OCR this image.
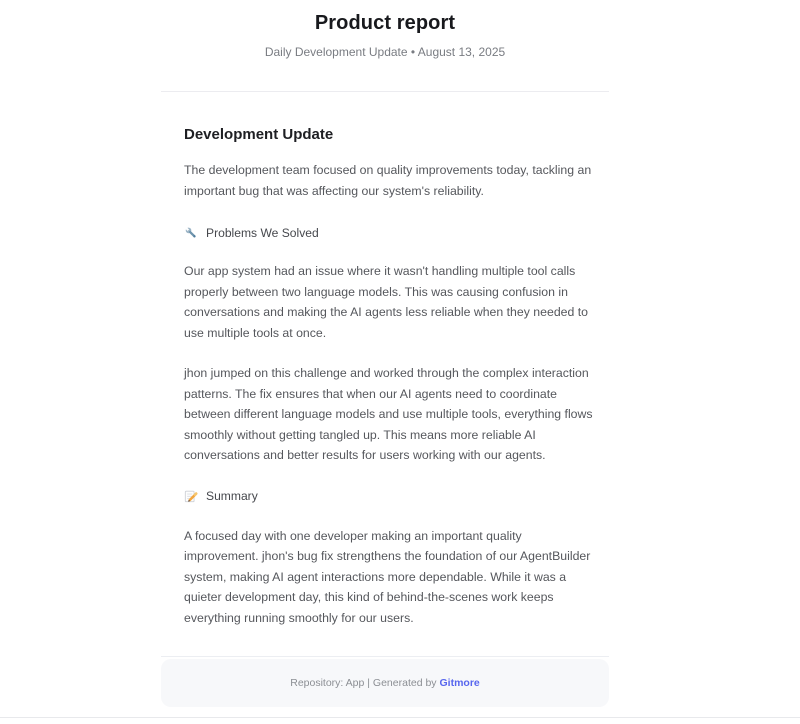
Product report
Daily Development Update • August 13, 2025
Development Update

The development team focused on quality improvements today, tackling an important bug that was affecting our system's reliability.

Problems We Solved

Our app system had an issue where it wasn't handling multiple tool calls properly between two language models. This was causing confusion in conversations and making the AI agents less reliable when they needed to use multiple tools at once.

jhon jumped on this challenge and worked through the complex interaction patterns. The fix ensures that when our AI agents need to coordinate between different language models and use multiple tools, everything flows smoothly without getting tangled up. This means more reliable AI conversations and better results for users working with our agents.

Summary

A focused day with one developer making an important quality improvement. jhon's bug fix strengthens the foundation of our AgentBuilder system, making AI agent interactions more dependable. While it was a quieter development day, this kind of behind-the-scenes work keeps everything running smoothly for our users.

Repository: App | Generated by Gitmore
